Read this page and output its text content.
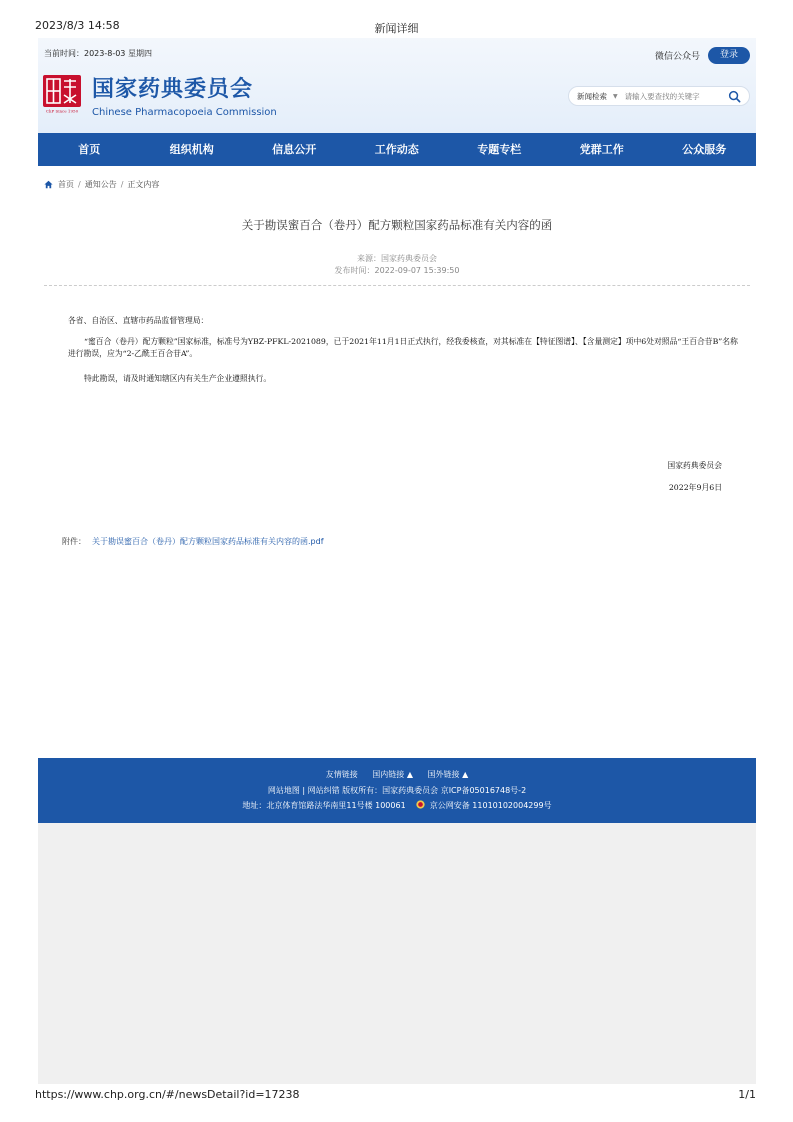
2023/8/3 14:58	新闻详细
当前时间：2023-8-03 星期四	微信公众号	登录
ChP Since 1950
国家药典委员会
Chinese Pharmacopoeia Commission
新闻检索 ▼
请输入要查找的关键字
首页	组织机构	信息公开	工作动态	专题专栏	党群工作	公众服务
首页 / 通知公告 / 正文内容
关于勘误蜜百合（卷丹）配方颗粒国家药品标准有关内容的函
来源：国家药典委员会
发布时间：2022-09-07 15:39:50
各省、自治区、直辖市药品监督管理局：
“蜜百合（卷丹）配方颗粒”国家标准，标准号为YBZ-PFKL-2021089，已于2021年11月1日正式执行，经我委核查，对其标准在【特征图谱】、【含量测定】项中6处对照品“王百合苷B”名称进行勘误，应为“2-乙酰王百合苷A”。
特此勘误，请及时通知辖区内有关生产企业遵照执行。
国家药典委员会
2022年9月6日
附件： 关于勘误蜜百合（卷丹）配方颗粒国家药品标准有关内容的函.pdf
友情链接 国内链接 ▲ 国外链接 ▲
网站地图 | 网站纠错 版权所有：国家药典委员会 京ICP备05016748号-2
地址：北京体育馆路法华南里11号楼 100061	京公网安备 11010102004299号
https://www.chp.org.cn/#/newsDetail?id=17238	1/1
